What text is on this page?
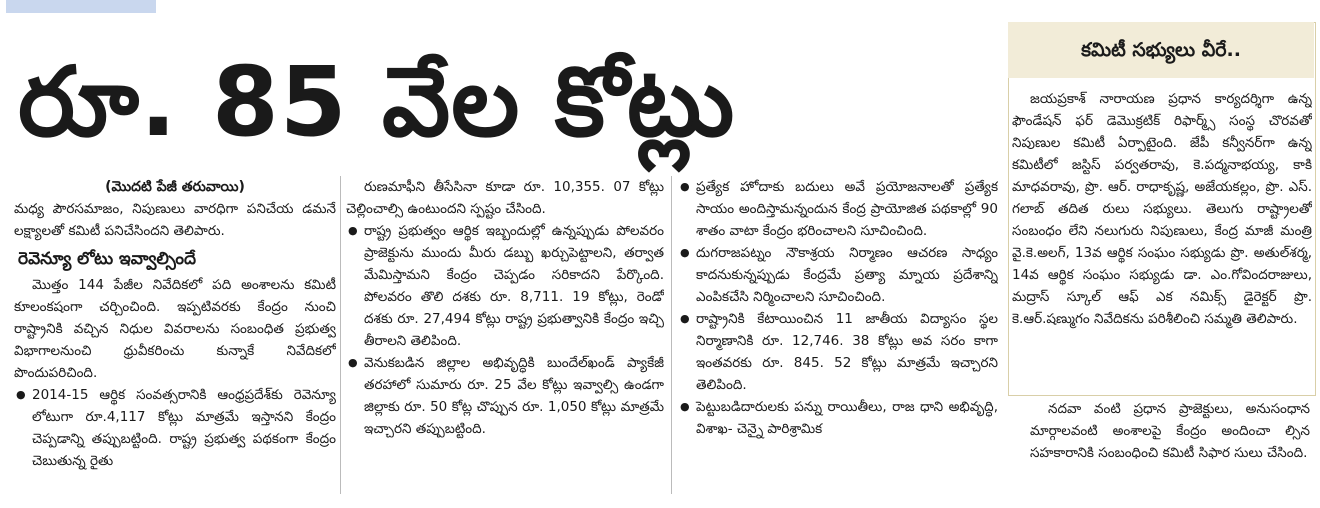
రూ. 85 వేల కోట్లు
(మొదటి పేజీ తరువాయి)

మధ్య పౌరసమాజం, నిపుణులు వారధిగా పనిచేయ డమనే లక్ష్యాలతో కమిటీ పనిచేసిందని తెలిపారు.

రెవెన్యూ లోటు ఇవ్వాల్సిందే

మొత్తం 144 పేజీల నివేదికలో పది అంశాలను కమిటీ కూలంకషంగా చర్చించింది. ఇప్పటివరకు కేంద్రం నుంచి రాష్ట్రానికి వచ్చిన నిధుల వివరాలను సంబంధిత ప్రభుత్వ విభాగాలనుంచి ధ్రువీకరించు కున్నాకే నివేదికలో పొందుపరిచింది.

● 2014-15 ఆర్థిక సంవత్సరానికి ఆంధ్రప్రదేశ్‌కు రెవెన్యూ లోటుగా రూ.4,117 కోట్లు మాత్రమే ఇస్తానని కేంద్రం చెప్పడాన్ని తప్పుబట్టింది. రాష్ట్ర ప్రభుత్వ పథకంగా కేంద్రం చెబుతున్న రైతు

రుణమాఫీని తీసేసినా కూడా రూ. 10,355. 07 కోట్లు చెల్లించాల్సి ఉంటుందని స్పష్టం చేసింది.

● రాష్ట్ర ప్రభుత్వం ఆర్థిక ఇబ్బందుల్లో ఉన్నప్పుడు పోలవరం ప్రాజెక్టును ముందు మీరు డబ్బు ఖర్చుపెట్టాలని, తర్వాత మేమిస్తామని కేంద్రం చెప్పడం సరికాదని పేర్కొంది. పోలవరం తొలి దశకు రూ. 8,711. 19 కోట్లు, రెండో దశకు రూ. 27,494 కోట్లు రాష్ట్ర ప్రభుత్వానికి కేంద్రం ఇచ్చి తీరాలని తెలిపింది.
● వెనుకబడిన జిల్లాల అభివృద్ధికి బుందేల్‌ఖండ్ ప్యాకేజీ తరహాలో సుమారు రూ. 25 వేల కోట్లు ఇవ్వాల్సి ఉండగా జిల్లాకు రూ. 50 కోట్ల చొప్పున రూ. 1,050 కోట్లు మాత్రమే ఇచ్చారని తప్పుబట్టింది.
● ప్రత్యేక హోదాకు బదులు అవే ప్రయోజనాలతో ప్రత్యేక సాయం అందిస్తామన్నందున కేంద్ర ప్రాయోజిత పథకాల్లో 90 శాతం వాటా కేంద్రం భరించాలని సూచించింది.
● దుగరాజపట్నం నౌకాశ్రయ నిర్మాణం ఆచరణ సాధ్యం కాదనుకున్నప్పుడు కేంద్రమే ప్రత్యా మ్నాయ ప్రదేశాన్ని ఎంపికచేసి నిర్మించాలని సూచించింది.
● రాష్ట్రానికి కేటాయించిన 11 జాతీయ విద్యాసం స్థల నిర్మాణానికి రూ. 12,746. 38 కోట్లు అవ సరం కాగా ఇంతవరకు రూ. 845. 52 కోట్లు మాత్రమే ఇచ్చారని తెలిపింది.
● పెట్టుబడిదారులకు పన్ను రాయితీలు, రాజ ధాని అభివృద్ధి, విశాఖ- చెన్నై పారిశ్రామిక
కమిటీ సభ్యులు వీరే..

జయప్రకాశ్ నారాయణ ప్రధాన కార్యదర్శిగా ఉన్న ఫౌండేషన్ ఫర్ డెమొక్రటిక్ రిఫార్మ్స్ సంస్థ చొరవతో నిపుణుల కమిటీ ఏర్పాటైంది. జేపీ కన్వీనర్‌గా ఉన్న కమిటీలో జస్టిస్ పర్వతరావు, కె.పద్మనాభయ్య, కాకి మాధవరావు, ప్రొ. ఆర్. రాధాకృష్ణ, అజేయకల్లం, ప్రొ. ఎస్. గలాబ్ తదిత రులు సభ్యులు. తెలుగు రాష్ట్రాలతో సంబంధం లేని నలుగురు నిపుణులు, కేంద్ర మాజీ మంత్రి వై.కె.అలగ్, 13వ ఆర్థిక సంఘం సభ్యుడు ప్రొ. అతుల్‌శర్మ, 14వ ఆర్థిక సంఘం సభ్యుడు డా. ఎం.గోవిందరాజులు, మద్రాస్ స్కూల్ ఆఫ్ ఎక నమిక్స్ డైరెక్టర్ ప్రొ. కె.ఆర్.షణ్ముగం నివేదికను పరిశీలించి సమ్మతి తెలిపారు.

నదవా వంటి ప్రధాన ప్రాజెక్టులు, అనుసంధాన మార్గాలవంటి అంశాలపై కేంద్రం అందించా ల్సిన సహకారానికి సంబంధించి కమిటీ సిఫార సులు చేసింది.
